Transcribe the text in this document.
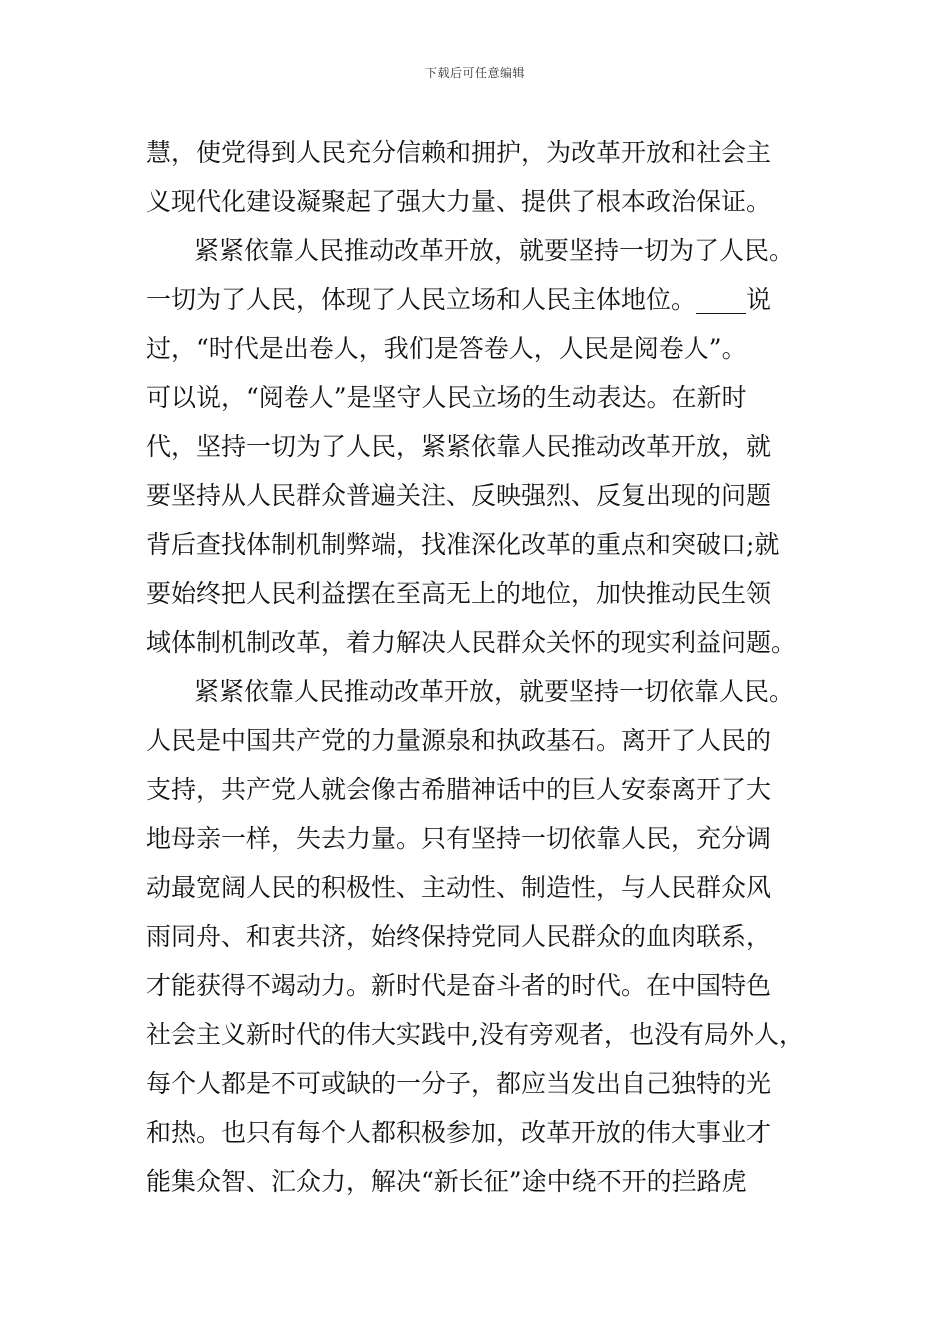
下载后可任意编辑
慧，使党得到人民充分信赖和拥护，为改革开放和社会主
义现代化建设凝聚起了强大力量、提供了根本政治保证。
紧紧依靠人民推动改革开放，就要坚持一切为了人民。
一切为了人民，体现了人民立场和人民主体地位。____说
过，“时代是出卷人，我们是答卷人，人民是阅卷人”。
可以说，“阅卷人”是坚守人民立场的生动表达。在新时
代，坚持一切为了人民，紧紧依靠人民推动改革开放，就
要坚持从人民群众普遍关注、反映强烈、反复出现的问题
背后查找体制机制弊端，找准深化改革的重点和突破口;就
要始终把人民利益摆在至高无上的地位，加快推动民生领
域体制机制改革，着力解决人民群众关怀的现实利益问题。
紧紧依靠人民推动改革开放，就要坚持一切依靠人民。
人民是中国共产党的力量源泉和执政基石。离开了人民的
支持，共产党人就会像古希腊神话中的巨人安泰离开了大
地母亲一样，失去力量。只有坚持一切依靠人民，充分调
动最宽阔人民的积极性、主动性、制造性，与人民群众风
雨同舟、和衷共济，始终保持党同人民群众的血肉联系，
才能获得不竭动力。新时代是奋斗者的时代。在中国特色
社会主义新时代的伟大实践中,没有旁观者，也没有局外人，
每个人都是不可或缺的一分子，都应当发出自己独特的光
和热。也只有每个人都积极参加，改革开放的伟大事业才
能集众智、汇众力，解决“新长征”途中绕不开的拦路虎
